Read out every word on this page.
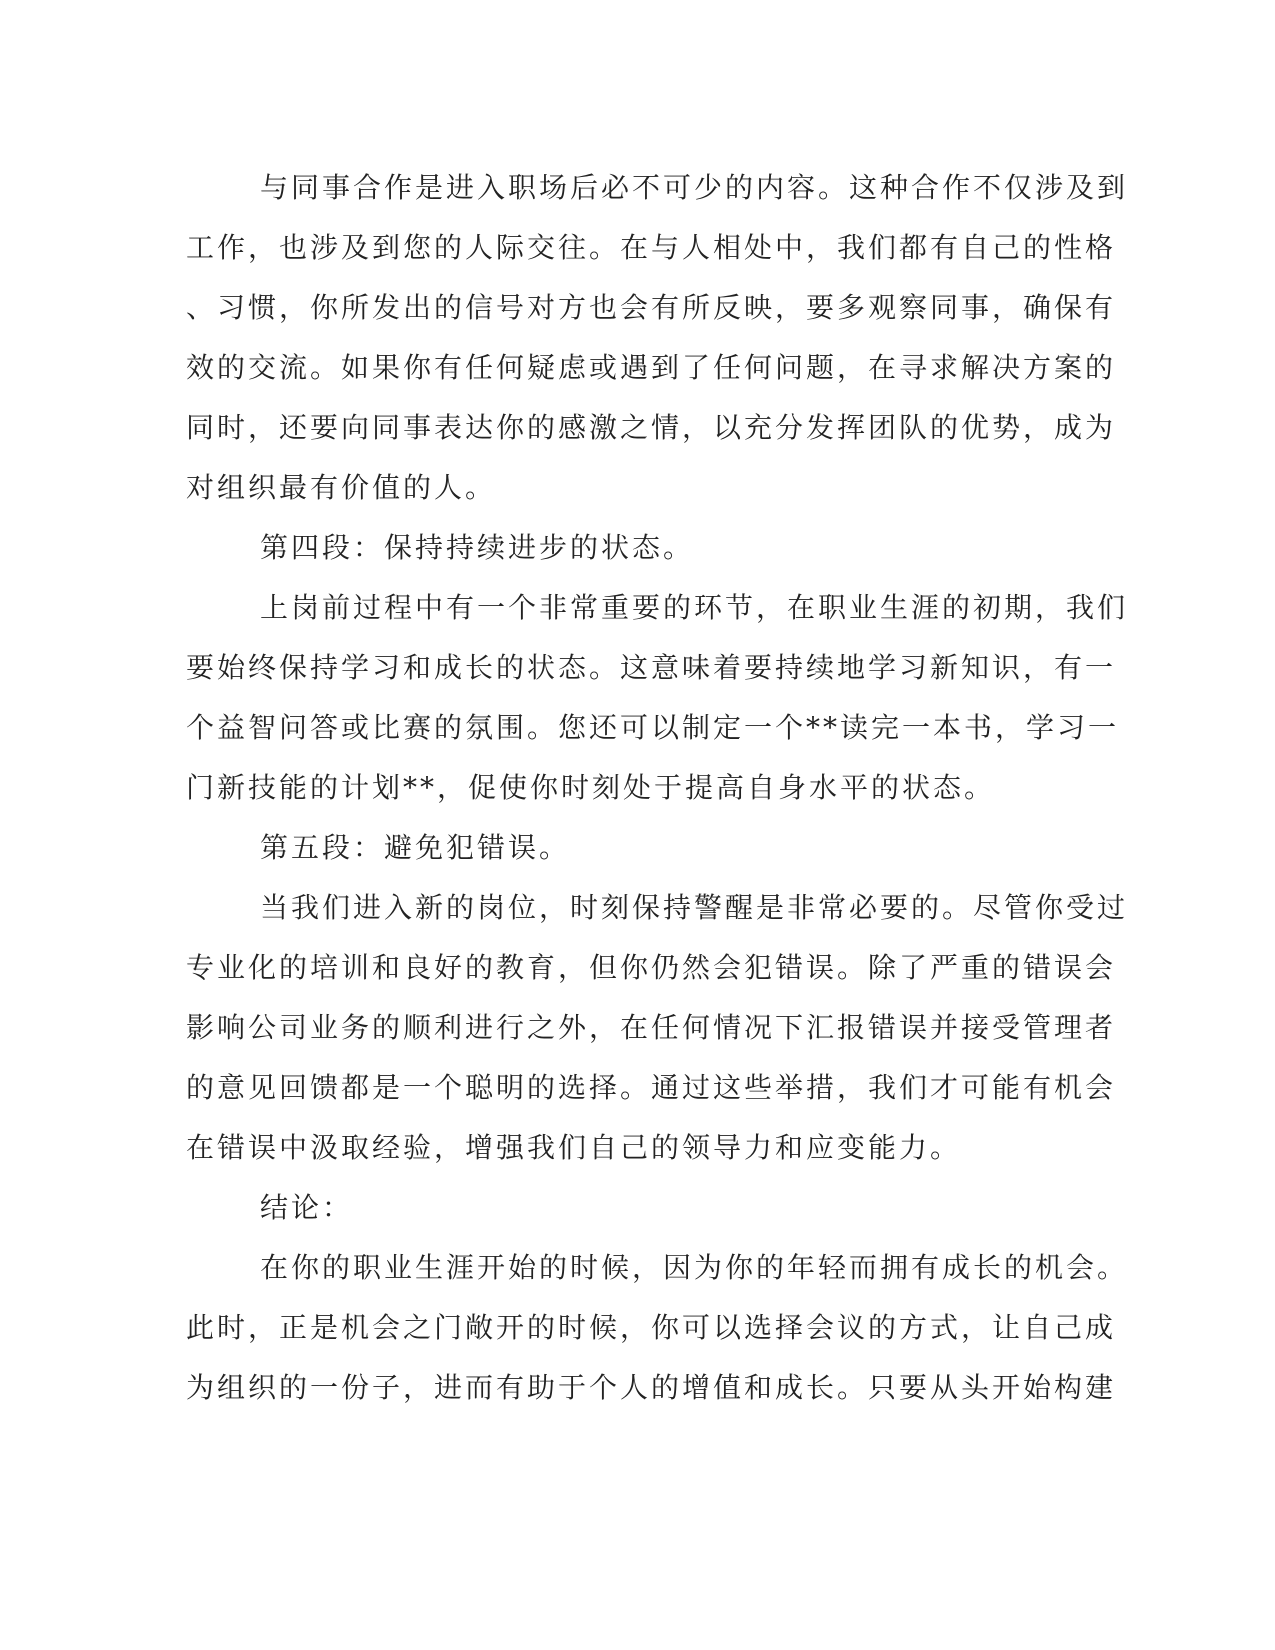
与同事合作是进入职场后必不可少的内容。这种合作不仅涉及到
工作，也涉及到您的人际交往。在与人相处中，我们都有自己的性格
、习惯，你所发出的信号对方也会有所反映，要多观察同事，确保有
效的交流。如果你有任何疑虑或遇到了任何问题，在寻求解决方案的
同时，还要向同事表达你的感激之情，以充分发挥团队的优势，成为
对组织最有价值的人。
第四段：保持持续进步的状态。
上岗前过程中有一个非常重要的环节，在职业生涯的初期，我们
要始终保持学习和成长的状态。这意味着要持续地学习新知识，有一
个益智问答或比赛的氛围。您还可以制定一个**读完一本书，学习一
门新技能的计划**，促使你时刻处于提高自身水平的状态。
第五段：避免犯错误。
当我们进入新的岗位，时刻保持警醒是非常必要的。尽管你受过
专业化的培训和良好的教育，但你仍然会犯错误。除了严重的错误会
影响公司业务的顺利进行之外，在任何情况下汇报错误并接受管理者
的意见回馈都是一个聪明的选择。通过这些举措，我们才可能有机会
在错误中汲取经验，增强我们自己的领导力和应变能力。
结论：
在你的职业生涯开始的时候，因为你的年轻而拥有成长的机会。
此时，正是机会之门敞开的时候，你可以选择会议的方式，让自己成
为组织的一份子，进而有助于个人的增值和成长。只要从头开始构建
